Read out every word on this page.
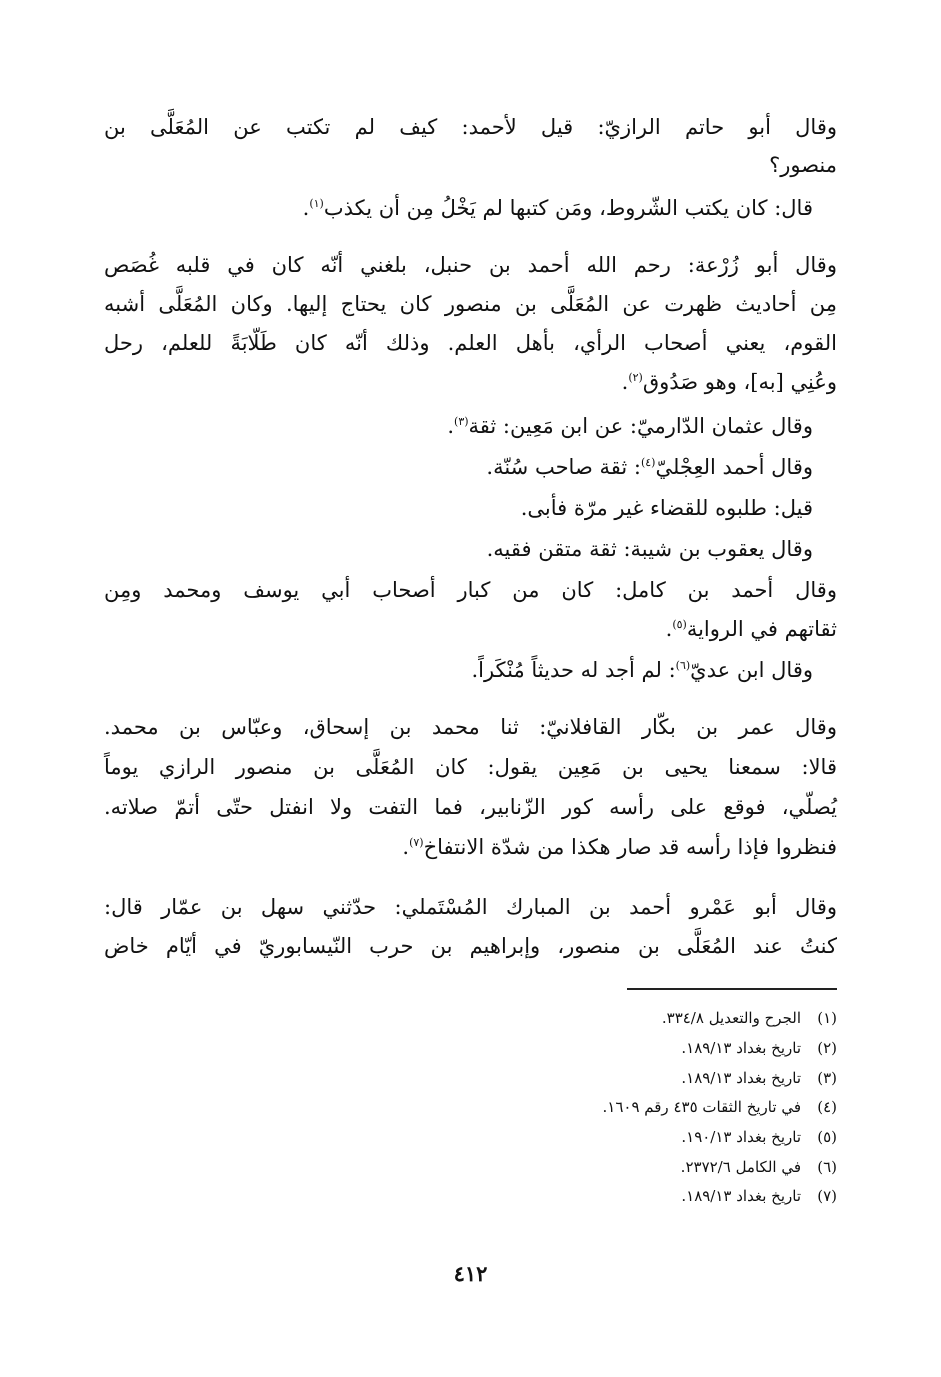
وقال أبو حاتم الرازيّ: قيل لأحمد: كيف لم تكتب عن المُعَلَّى بن
منصور؟
قال: كان يكتب الشّروط، ومَن كتبها لم يَخْلُ مِن أن يكذب$^{(١)}$.
وقال أبو زُرْعة: رحم الله أحمد بن حنبل، بلغني أنّه كان في قلبه غُصَص
مِن أحاديث ظهرت عن المُعَلَّى بن منصور كان يحتاج إليها. وكان المُعَلَّى أشبه
القوم، يعني أصحاب الرأي، بأهل العلم. وذلك أنّه كان طَلّابَةً للعلم، رحل
وعُنِي [به]، وهو صَدُوق$^{(٢)}$.
وقال عثمان الدّارميّ: عن ابن مَعِين: ثقة$^{(٣)}$.
وقال أحمد العِجْليّ$^{(٤)}$: ثقة صاحب سُنّة.
قيل: طلبوه للقضاء غير مرّة فأبى.
وقال يعقوب بن شيبة: ثقة متقن فقيه.
وقال أحمد بن كامل: كان من كبار أصحاب أبي يوسف ومحمد ومِن
ثقاتهم في الرواية$^{(٥)}$.
وقال ابن عديّ$^{(٦)}$: لم أجد له حديثاً مُنْكَراً.
وقال عمر بن بكّار القافلانيّ: ثنا محمد بن إسحاق، وعبّاس بن محمد.
قالا: سمعنا يحيى بن مَعِين يقول: كان المُعَلَّى بن منصور الرازي يوماً
يُصلّي، فوقع على رأسه كور الزّنابير، فما التفت ولا انفتل حتّى أتمّ صلاته.
فنظروا فإذا رأسه قد صار هكذا من شدّة الانتفاخ$^{(٧)}$.
وقال أبو عَمْرو أحمد بن المبارك المُسْتَملي: حدّثني سهل بن عمّار قال:
كنتُ عند المُعَلَّى بن منصور، وإبراهيم بن حرب النّيسابوريّ في أيّام خاض
(١)الجرح والتعديل ٣٣٤/٨.
(٢)تاريخ بغداد ١٨٩/١٣.
(٣)تاريخ بغداد ١٨٩/١٣.
(٤)في تاريخ الثقات ٤٣٥ رقم ١٦٠٩.
(٥)تاريخ بغداد ١٩٠/١٣.
(٦)في الكامل ٢٣٧٢/٦.
(٧)تاريخ بغداد ١٨٩/١٣.
٤١٢
